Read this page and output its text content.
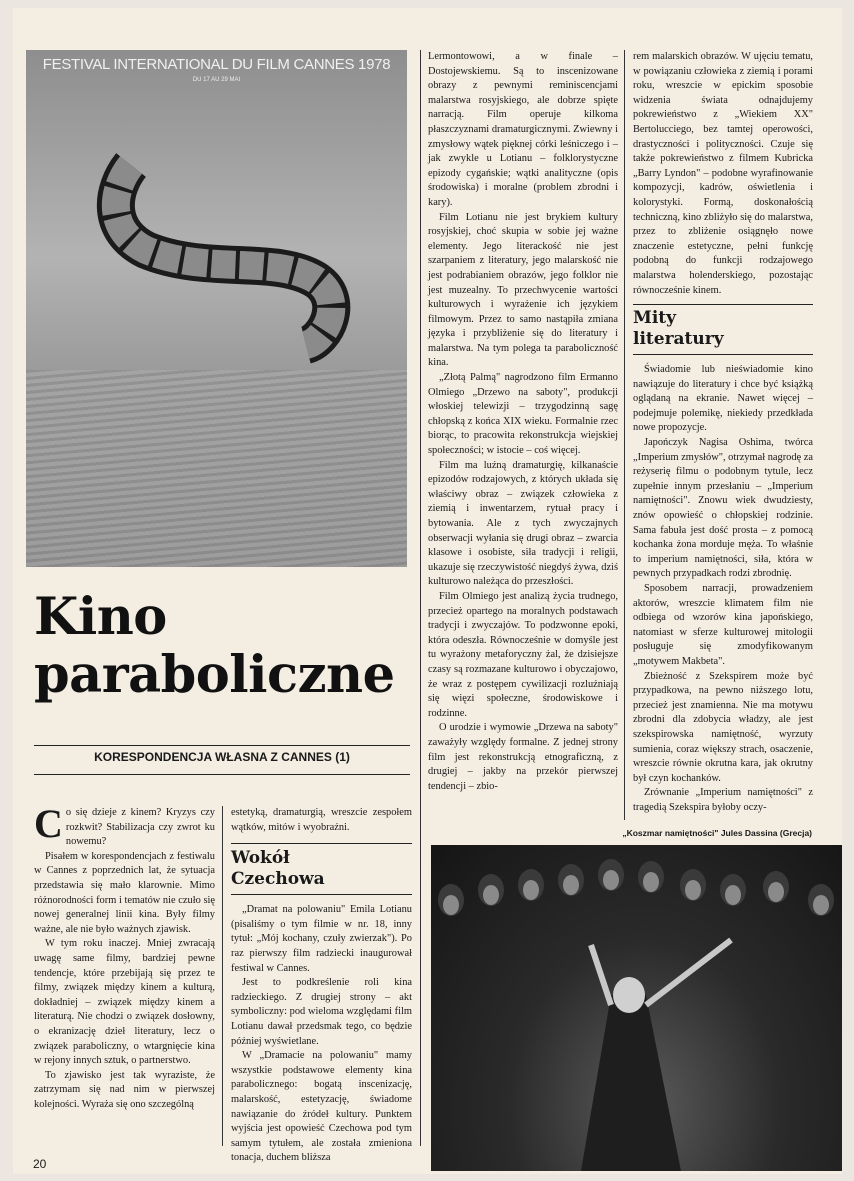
FESTIVAL INTERNATIONAL DU FILM CANNES 1978
DU 17 AU 29 MAI
Kino
paraboliczne
KORESPONDENCJA WŁASNA Z CANNES (1)

Co się dzieje z kinem? Kryzys czy rozkwit? Stabilizacja czy zwrot ku nowemu?

Pisałem w korespondencjach z festiwalu w Cannes z poprzednich lat, że sytuacja przedstawia się mało klarownie. Mimo różnorodności form i tematów nie czuło się nowej generalnej linii kina. Były filmy ważne, ale nie było ważnych zjawisk.

W tym roku inaczej. Mniej zwracają uwagę same filmy, bardziej pewne tendencje, które przebijają się przez te filmy, związek między kinem a kulturą, dokładniej – związek między kinem a literaturą. Nie chodzi o związek dosłowny, o ekranizację dzieł literatury, lecz o związek paraboliczny, o wtargnięcie kina w rejony innych sztuk, o partnerstwo.

To zjawisko jest tak wyraziste, że zatrzymam się nad nim w pierwszej kolejności. Wyraża się ono szczególną

estetyką, dramaturgią, wreszcie zespołem wątków, mitów i wyobraźni.

Wokół
Czechowa

„Dramat na polowaniu" Emila Lotianu (pisaliśmy o tym filmie w nr. 18, inny tytuł: „Mój kochany, czuły zwierzak"). Po raz pierwszy film radziecki inaugurował festiwal w Cannes.

Jest to podkreślenie roli kina radzieckiego. Z drugiej strony – akt symboliczny: pod wieloma względami film Lotianu dawał przedsmak tego, co będzie później wyświetlane.

W „Dramacie na polowaniu" mamy wszystkie podstawowe elementy kina parabolicznego: bogatą inscenizację, malarskość, estetyzację, świadome nawiązanie do źródeł kultury. Punktem wyjścia jest opowieść Czechowa pod tym samym tytułem, ale została zmieniona tonacja, duchem bliższa

Lermontowowi, a w finale – Dostojewskiemu. Są to inscenizowane obrazy z pewnymi reminiscencjami malarstwa rosyjskiego, ale dobrze spięte narracją. Film operuje kilkoma płaszczyznami dramaturgicznymi. Zwiewny i zmysłowy wątek pięknej córki leśniczego i – jak zwykle u Lotianu – folklorystyczne epizody cygańskie; wątki analityczne (opis środowiska) i moralne (problem zbrodni i kary).

Film Lotianu nie jest brykiem kultury rosyjskiej, choć skupia w sobie jej ważne elementy. Jego literackość nie jest szarpaniem z literatury, jego malarskość nie jest podrabianiem obrazów, jego folklor nie jest muzealny. To przechwycenie wartości kulturowych i wyrażenie ich językiem filmowym. Przez to samo nastąpiła zmiana języka i przybliżenie się do literatury i malarstwa. Na tym polega ta paraboliczność kina.

„Złotą Palmą" nagrodzono film Ermanno Olmiego „Drzewo na saboty", produkcji włoskiej telewizji – trzygodzinną sagę chłopską z końca XIX wieku. Formalnie rzec biorąc, to pracowita rekonstrukcja wiejskiej społeczności; w istocie – coś więcej.

Film ma luźną dramaturgię, kilkanaście epizodów rodzajowych, z których układa się właściwy obraz – związek człowieka z ziemią i inwentarzem, rytuał pracy i bytowania. Ale z tych zwyczajnych obserwacji wyłania się drugi obraz – zwarcia klasowe i osobiste, siła tradycji i religii, ukazuje się rzeczywistość niegdyś żywa, dziś kulturowo należąca do przeszłości.

Film Olmiego jest analizą życia trudnego, przecież opartego na moralnych podstawach tradycji i zwyczajów. To podzwonne epoki, która odeszła. Równocześnie w domyśle jest tu wyrażony metaforyczny żal, że dzisiejsze czasy są rozmazane kulturowo i obyczajowo, że wraz z postępem cywilizacji rozluźniają się więzi społeczne, środowiskowe i rodzinne.

O urodzie i wymowie „Drzewa na saboty" zaważyły względy formalne. Z jednej strony film jest rekonstrukcją etnograficzną, z drugiej – jakby na przekór pierwszej tendencji – zbio-

rem malarskich obrazów. W ujęciu tematu, w powiązaniu człowieka z ziemią i porami roku, wreszcie w epickim sposobie widzenia świata odnajdujemy pokrewieństwo z „Wiekiem XX" Bertolucciego, bez tamtej operowości, drastyczności i polityczności. Czuje się także pokrewieństwo z filmem Kubricka „Barry Lyndon" – podobne wyrafinowanie kompozycji, kadrów, oświetlenia i kolorystyki. Formą, doskonałością techniczną, kino zbliżyło się do malarstwa, przez to zbliżenie osiągnęło nowe znaczenie estetyczne, pełni funkcję podobną do funkcji rodzajowego malarstwa holenderskiego, pozostając równocześnie kinem.

Mity
literatury

Świadomie lub nieświadomie kino nawiązuje do literatury i chce być książką oglądaną na ekranie. Nawet więcej – podejmuje polemikę, niekiedy przedkłada nowe propozycje.

Japończyk Nagisa Oshima, twórca „Imperium zmysłów", otrzymał nagrodę za reżyserię filmu o podobnym tytule, lecz zupełnie innym przesłaniu – „Imperium namiętności". Znowu wiek dwudziesty, znów opowieść o chłopskiej rodzinie. Sama fabuła jest dość prosta – z pomocą kochanka żona morduje męża. To właśnie to imperium namiętności, siła, która w pewnych przypadkach rodzi zbrodnię.

Sposobem narracji, prowadzeniem aktorów, wreszcie klimatem film nie odbiega od wzorów kina japońskiego, natomiast w sferze kulturowej mitologii posługuje się zmodyfikowanym „motywem Makbeta".

Zbieżność z Szekspirem może być przypadkowa, na pewno niższego lotu, przecież jest znamienna. Nie ma motywu zbrodni dla zdobycia władzy, ale jest szekspirowska namiętność, wyrzuty sumienia, coraz większy strach, osaczenie, wreszcie równie okrutna kara, jak okrutny był czyn kochanków.

Zrównanie „Imperium namiętności" z tragedią Szekspira byłoby oczy-

„Koszmar namiętności" Jules Dassina (Grecja)
20
